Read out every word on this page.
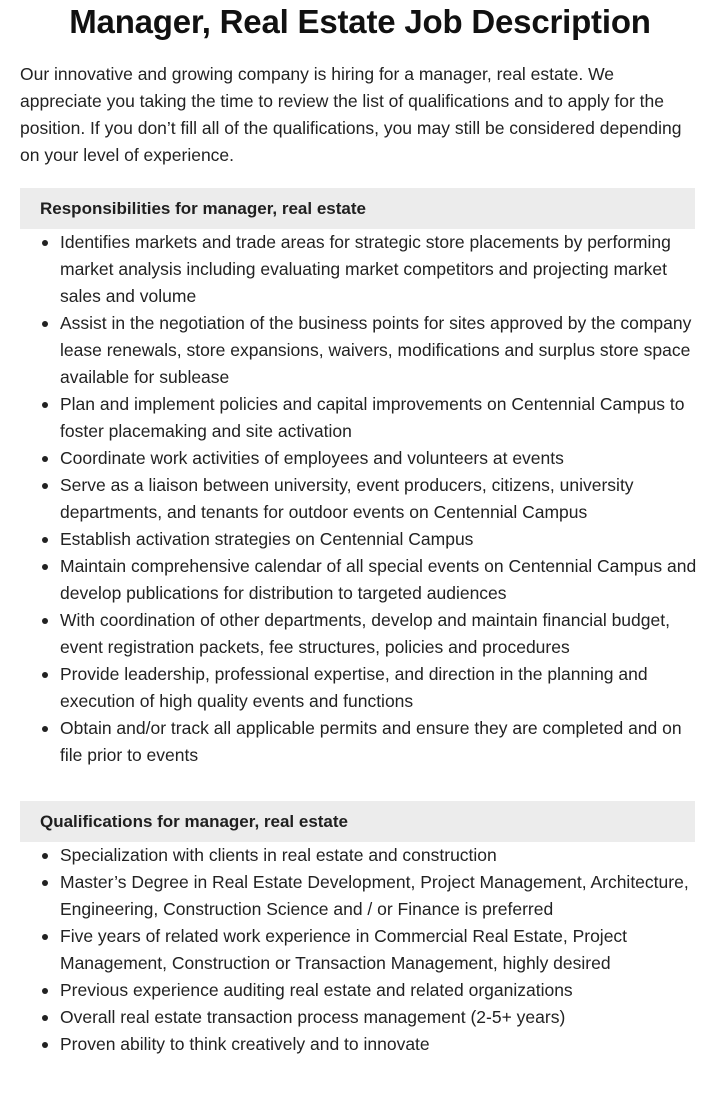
Manager, Real Estate Job Description

Our innovative and growing company is hiring for a manager, real estate. We appreciate you taking the time to review the list of qualifications and to apply for the position. If you don’t fill all of the qualifications, you may still be considered depending on your level of experience.

Responsibilities for manager, real estate
Identifies markets and trade areas for strategic store placements by performing market analysis including evaluating market competitors and projecting market sales and volume
Assist in the negotiation of the business points for sites approved by the company lease renewals, store expansions, waivers, modifications and surplus store space available for sublease
Plan and implement policies and capital improvements on Centennial Campus to foster placemaking and site activation
Coordinate work activities of employees and volunteers at events
Serve as a liaison between university, event producers, citizens, university departments, and tenants for outdoor events on Centennial Campus
Establish activation strategies on Centennial Campus
Maintain comprehensive calendar of all special events on Centennial Campus and develop publications for distribution to targeted audiences
With coordination of other departments, develop and maintain financial budget, event registration packets, fee structures, policies and procedures
Provide leadership, professional expertise, and direction in the planning and execution of high quality events and functions
Obtain and/or track all applicable permits and ensure they are completed and on file prior to events
Qualifications for manager, real estate
Specialization with clients in real estate and construction
Master’s Degree in Real Estate Development, Project Management, Architecture, Engineering, Construction Science and / or Finance is preferred
Five years of related work experience in Commercial Real Estate, Project Management, Construction or Transaction Management, highly desired
Previous experience auditing real estate and related organizations
Overall real estate transaction process management (2-5+ years)
Proven ability to think creatively and to innovate
